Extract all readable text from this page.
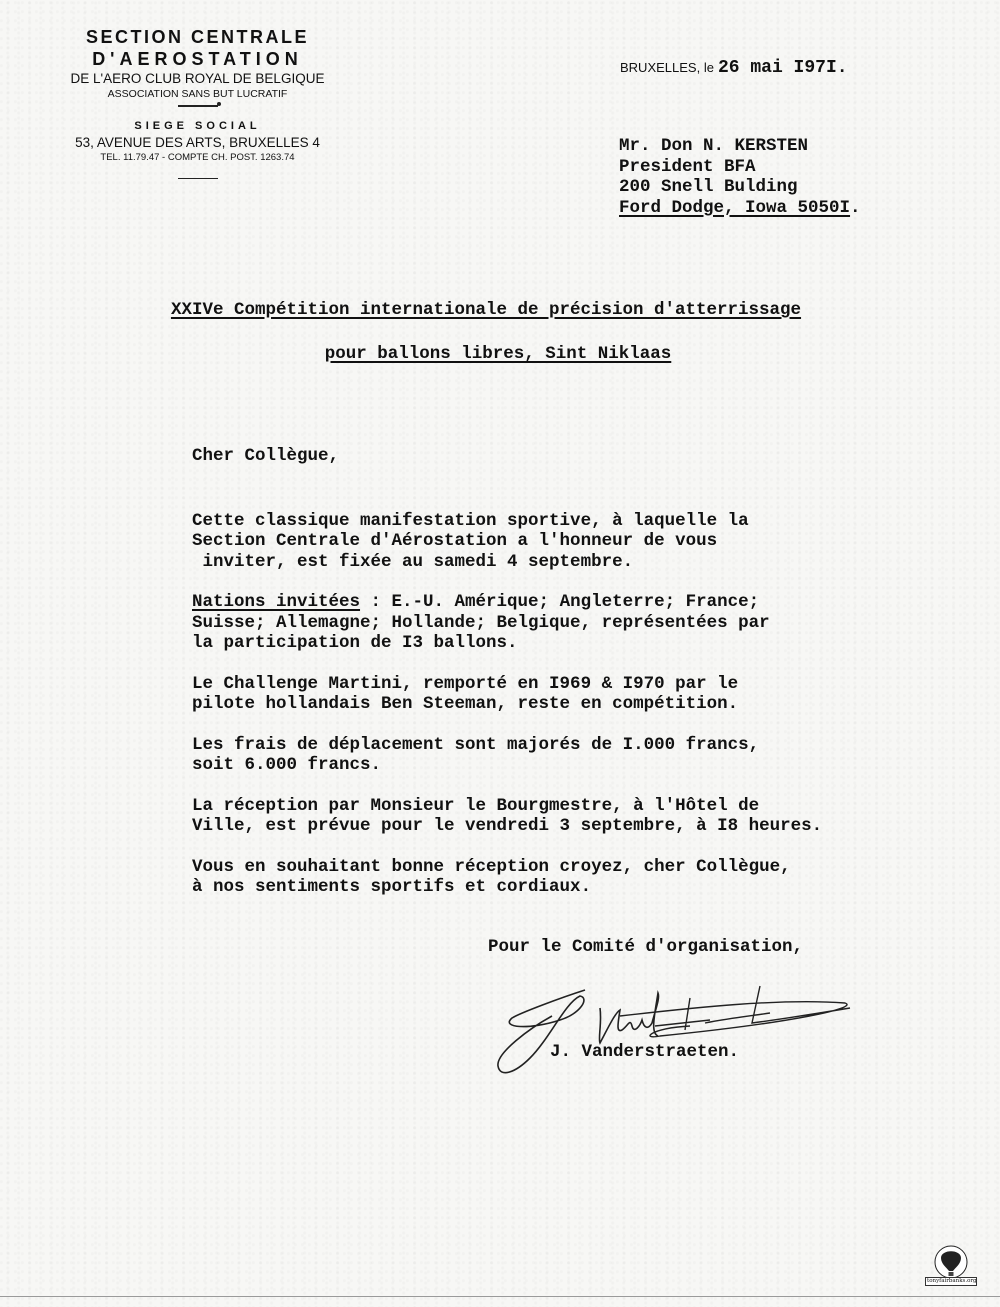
SECTION CENTRALE
D'AEROSTATION
DE L'AERO CLUB ROYAL DE BELGIQUE
ASSOCIATION SANS BUT LUCRATIF
SIEGE SOCIAL
53, AVENUE DES ARTS, BRUXELLES 4
TEL. 11.79.47 - COMPTE CH. POST. 1263.74
BRUXELLES, le 26 mai I97I.
Mr. Don N. KERSTEN
President BFA
200 Snell Bulding
Ford Dodge, Iowa 5050I.
XXIVe Compétition internationale de précision d'atterrissage
pour ballons libres, Sint Niklaas
Cher Collègue,
Cette classique manifestation sportive, à laquelle la
Section Centrale d'Aérostation a l'honneur de vous
inviter, est fixée au samedi 4 septembre.
Nations invitées : E.-U. Amérique; Angleterre; France;
Suisse; Allemagne; Hollande; Belgique, représentées par
la participation de I3 ballons.
Le Challenge Martini, remporté en I969 & I970 par le
pilote hollandais Ben Steeman, reste en compétition.
Les frais de déplacement sont majorés de I.000 francs,
soit 6.000 francs.
La réception par Monsieur le Bourgmestre, à l'Hôtel de
Ville, est prévue pour le vendredi 3 septembre, à I8 heures.
Vous en souhaitant bonne réception croyez, cher Collègue,
à nos sentiments sportifs et cordiaux.
Pour le Comité d'organisation,
J. Vanderstraeten.
tonyfairbanks.org
